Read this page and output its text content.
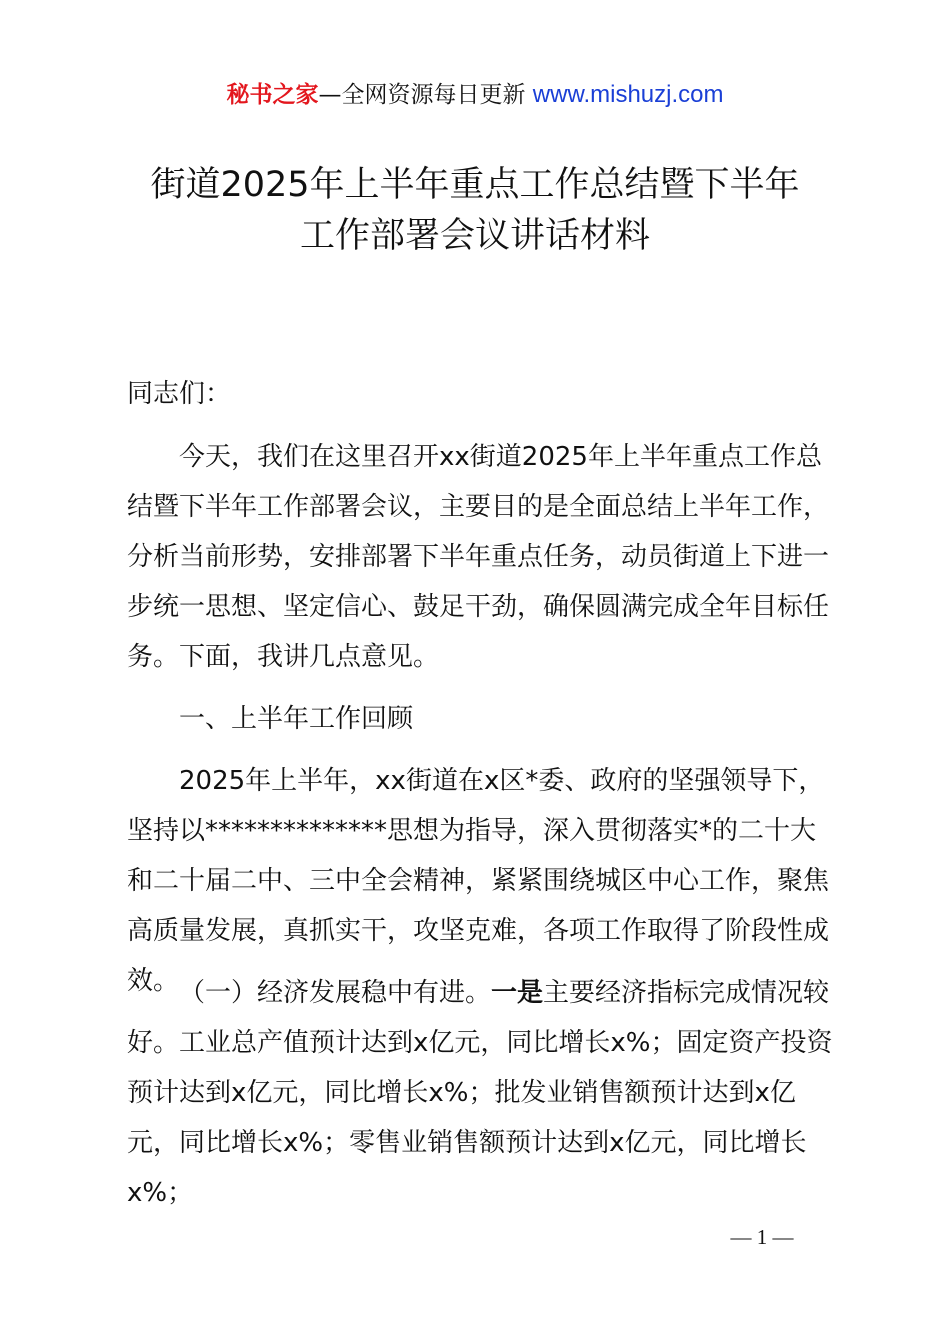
秘书之家—全网资源每日更新 www.mishuzj.com
街道2025年上半年重点工作总结暨下半年
工作部署会议讲话材料
同志们：

今天，我们在这里召开xx街道2025年上半年重点工作总结暨下半年工作部署会议，主要目的是全面总结上半年工作，分析当前形势，安排部署下半年重点任务，动员街道上下进一步统一思想、坚定信心、鼓足干劲，确保圆满完成全年目标任务。下面，我讲几点意见。

一、上半年工作回顾

2025年上半年，xx街道在x区*委、政府的坚强领导下，坚持以**************思想为指导，深入贯彻落实*的二十大和二十届二中、三中全会精神，紧紧围绕城区中心工作，聚焦高质量发展，真抓实干，攻坚克难，各项工作取得了阶段性成效。 （一）经济发展稳中有进。一是主要经济指标完成情况较好。工业总产值预计达到x亿元，同比增长x%；固定资产投资预计达到x亿元，同比增长x%；批发业销售额预计达到x亿元，同比增长x%；零售业销售额预计达到x亿元，同比增长x%；

— 1 —
